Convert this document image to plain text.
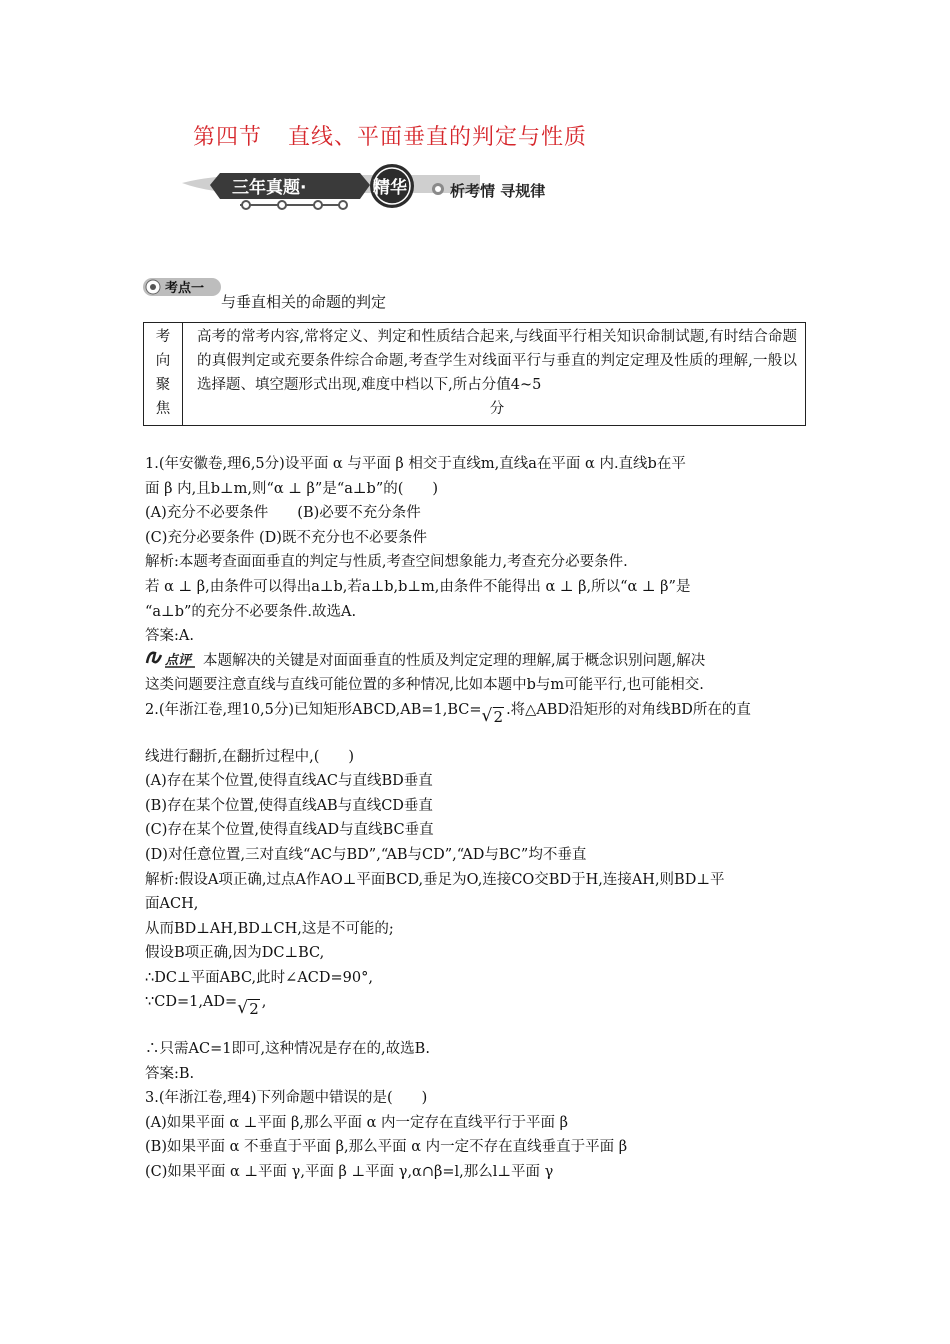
第四节 直线、平面垂直的判定与性质
三年真题·	精华	析考情 寻规律
考点一
与垂直相关的命题的判定
考
向
聚
焦
	高考的常考内容,常将定义、判定和性质结合起来,与线面平行相关知识命制试题,有时结合命题的真假判定或充要条件综合命题,考查学生对线面平行与垂直的判定定理及性质的理解,一般以选择题、填空题形式出现,难度中档以下,所占分值4~5
分

1.(年安徽卷,理6,5分)设平面 α 与平面 β 相交于直线m,直线a在平面 α 内.直线b在平

面 β 内,且b⊥m,则“α ⊥ β”是“a⊥b”的(　　)

(A)充分不必要条件　　(B)必要不充分条件

(C)充分必要条件 (D)既不充分也不必要条件

解析:本题考查面面垂直的判定与性质,考查空间想象能力,考查充分必要条件.

若 α ⊥ β,由条件可以得出a⊥b,若a⊥b,b⊥m,由条件不能得出 α ⊥ β,所以“α ⊥ β”是

“a⊥b”的充分不必要条件.故选A.

答案:A.

点评 本题解决的关键是对面面垂直的性质及判定定理的理解,属于概念识别问题,解决

这类问题要注意直线与直线可能位置的多种情况,比如本题中b与m可能平行,也可能相交.

2.(年浙江卷,理10,5分)已知矩形ABCD,AB=1,BC= √ 2 .将△ABD沿矩形的对角线BD所在的直

线进行翻折,在翻折过程中,(　　)

(A)存在某个位置,使得直线AC与直线BD垂直

(B)存在某个位置,使得直线AB与直线CD垂直

(C)存在某个位置,使得直线AD与直线BC垂直

(D)对任意位置,三对直线“AC与BD”,“AB与CD”,“AD与BC”均不垂直

解析:假设A项正确,过点A作AO⊥平面BCD,垂足为O,连接CO交BD于H,连接AH,则BD⊥平

面ACH,

从而BD⊥AH,BD⊥CH,这是不可能的;

假设B项正确,因为DC⊥BC,

∴DC⊥平面ABC,此时∠ACD=90°,

∵CD=1,AD= √ 2 ,

∴只需AC=1即可,这种情况是存在的,故选B.

答案:B.

3.(年浙江卷,理4)下列命题中错误的是(　　)

(A)如果平面 α ⊥平面 β,那么平面 α 内一定存在直线平行于平面 β

(B)如果平面 α 不垂直于平面 β,那么平面 α 内一定不存在直线垂直于平面 β

(C)如果平面 α ⊥平面 γ,平面 β ⊥平面 γ,α∩β=l,那么l⊥平面 γ
